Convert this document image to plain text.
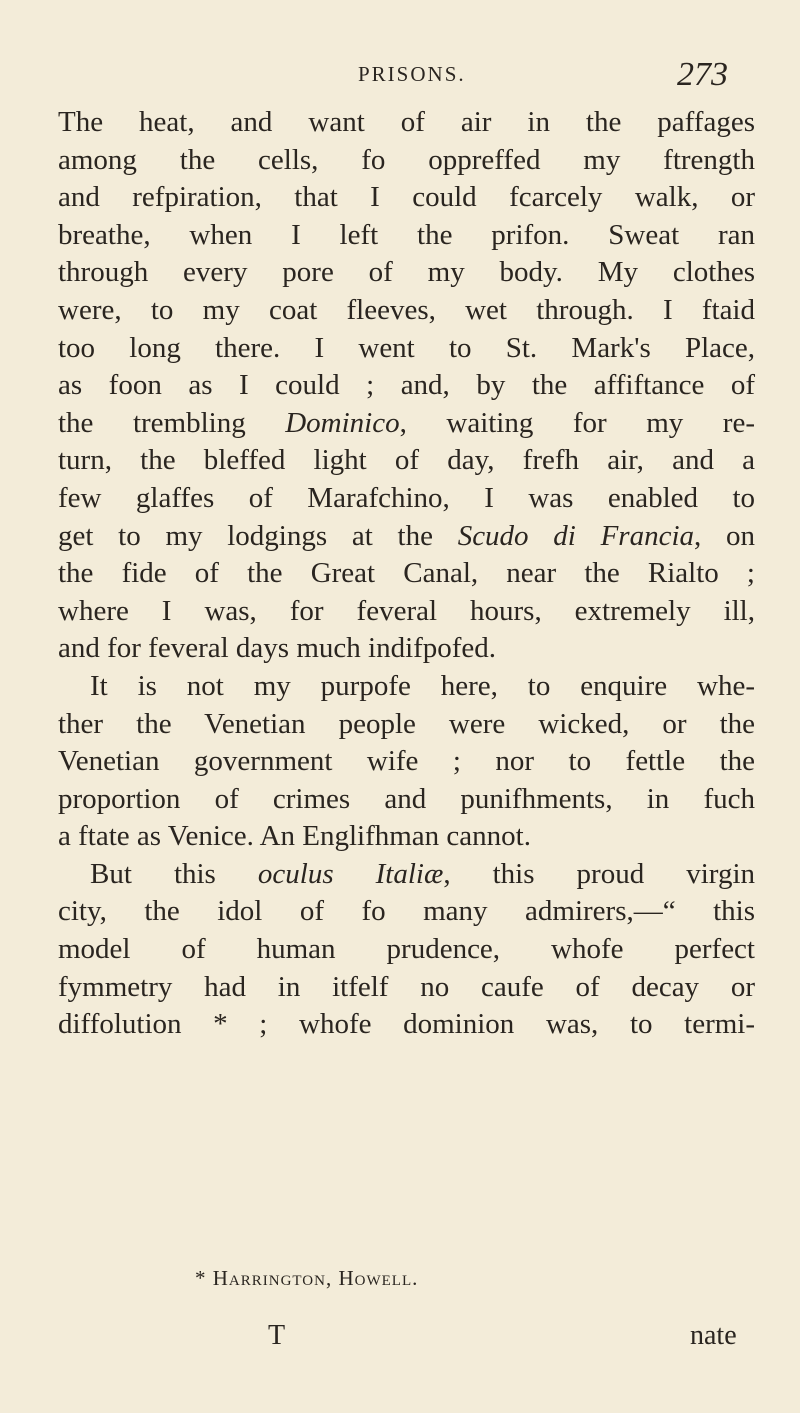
PRISONS.	273
The heat, and want of air in the paffages
among the cells, fo oppreffed my ftrength
and refpiration, that I could fcarcely walk, or
breathe, when I left the prifon. Sweat ran
through every pore of my body. My clothes
were, to my coat fleeves, wet through. I ftaid
too long there. I went to St. Mark's Place,
as foon as I could ; and, by the affiftance of
the trembling Dominico, waiting for my re-
turn, the bleffed light of day, frefh air, and a
few glaffes of Marafchino, I was enabled to
get to my lodgings at the Scudo di Francia, on
the fide of the Great Canal, near the Rialto ;
where I was, for feveral hours, extremely ill,
and for feveral days much indifpofed.
It is not my purpofe here, to enquire whe-
ther the Venetian people were wicked, or the
Venetian government wife ; nor to fettle the
proportion of crimes and punifhments, in fuch
a ftate as Venice. An Englifhman cannot.
But this oculus Italiæ, this proud virgin
city, the idol of fo many admirers,—“ this
model of human prudence, whofe perfect
fymmetry had in itfelf no caufe of decay or
diffolution * ; whofe dominion was, to termi-
* Harrington, Howell.
T	nate
